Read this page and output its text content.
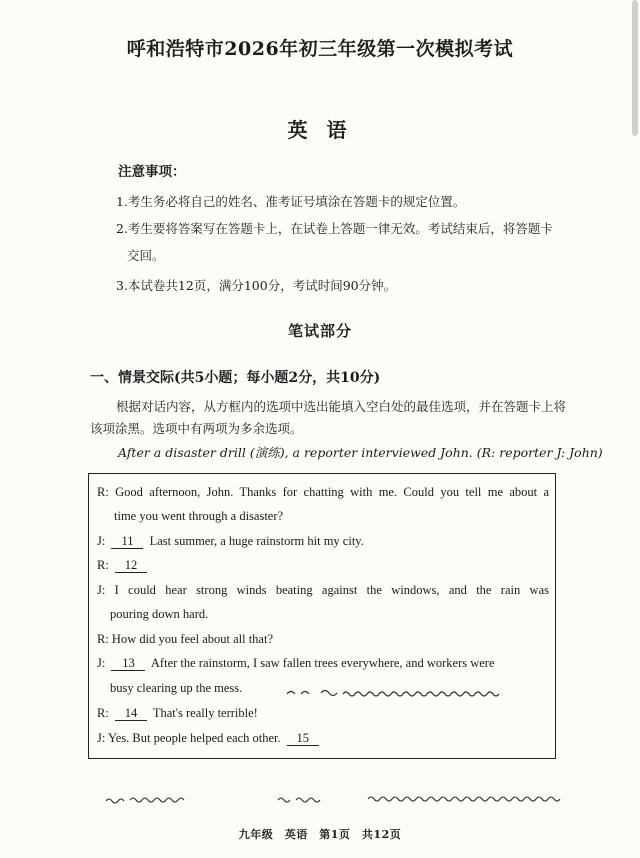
呼和浩特市2026年初三年级第一次模拟考试
英 语
注意事项：
1.考生务必将自己的姓名、准考证号填涂在答题卡的规定位置。
2.考生要将答案写在答题卡上，在试卷上答题一律无效。考试结束后，将答题卡
交回。
3.本试卷共12页，满分100分，考试时间90分钟。
笔试部分
一、情景交际(共5小题；每小题2分，共10分)
根据对话内容，从方框内的选项中选出能填入空白处的最佳选项，并在答题卡上将
该项涂黑。选项中有两项为多余选项。
After a disaster drill (演练), a reporter interviewed John. (R: reporter J: John)
R: Good afternoon, John. Thanks for chatting with me. Could you tell me about a
time you went through a disaster?
J: 11 Last summer, a huge rainstorm hit my city.
R: 12
J: I could hear strong winds beating against the windows, and the rain was
pouring down hard.
R: How did you feel about all that?
J: 13 After the rainstorm, I saw fallen trees everywhere, and workers were
busy clearing up the mess.
R: 14 That's really terrible!
J: Yes. But people helped each other. 15
九年级　英语　第1页　共12页
